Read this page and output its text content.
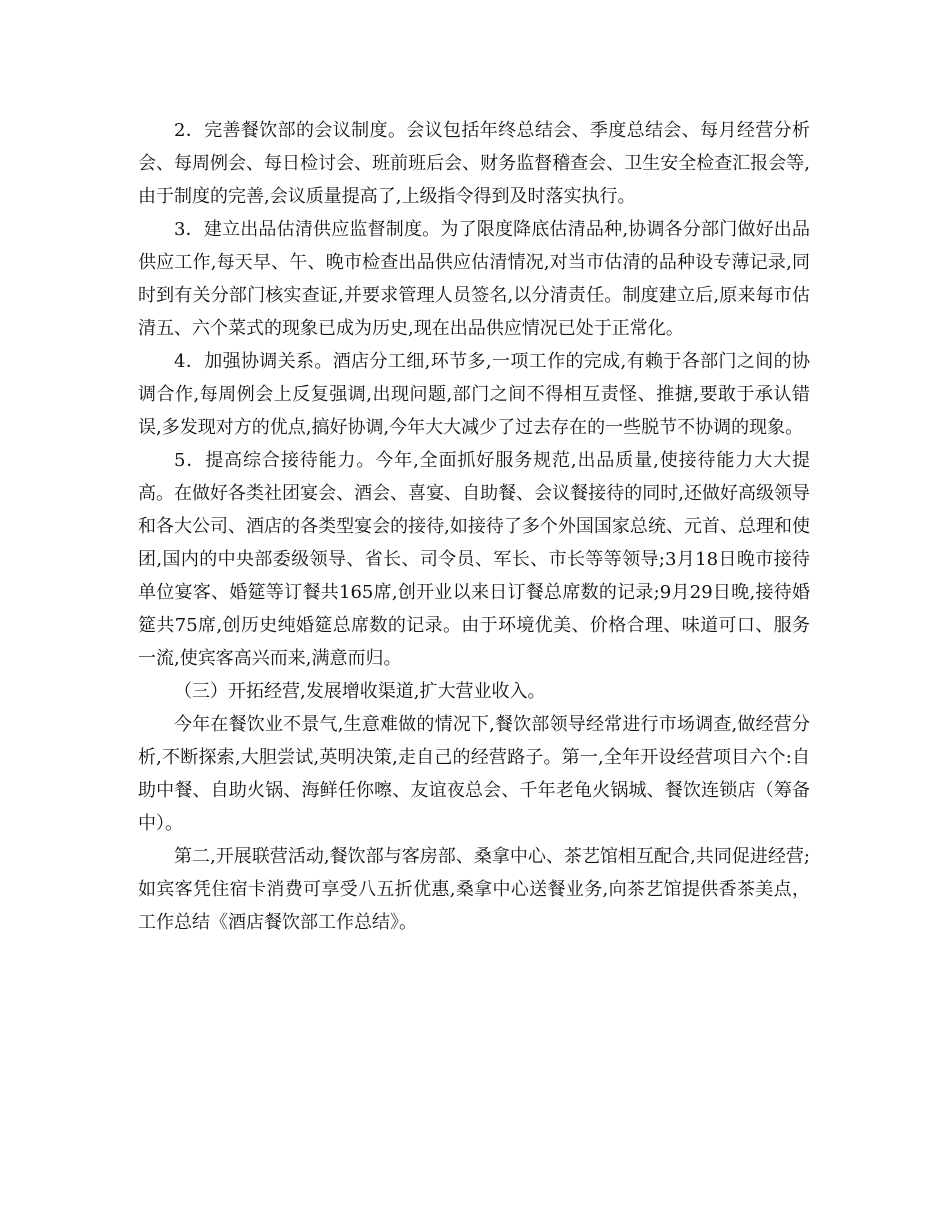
2．完善餐饮部的会议制度。会议包括年终总结会、季度总结会、每月经营分析会、每周例会、每日检讨会、班前班后会、财务监督稽查会、卫生安全检查汇报会等,由于制度的完善,会议质量提高了,上级指令得到及时落实执行。

3．建立出品估清供应监督制度。为了限度降底估清品种,协调各分部门做好出品供应工作,每天早、午、晚市检查出品供应估清情况,对当市估清的品种设专薄记录,同时到有关分部门核实查证,并要求管理人员签名,以分清责任。制度建立后,原来每市估清五、六个菜式的现象已成为历史,现在出品供应情况已处于正常化。

4．加强协调关系。酒店分工细,环节多,一项工作的完成,有赖于各部门之间的协调合作,每周例会上反复强调,出现问题,部门之间不得相互责怪、推搪,要敢于承认错误,多发现对方的优点,搞好协调,今年大大减少了过去存在的一些脱节不协调的现象。

5．提高综合接待能力。今年,全面抓好服务规范,出品质量,使接待能力大大提高。在做好各类社团宴会、酒会、喜宴、自助餐、会议餐接待的同时,还做好高级领导和各大公司、酒店的各类型宴会的接待,如接待了多个外国国家总统、元首、总理和使团,国内的中央部委级领导、省长、司令员、军长、市长等等领导;3月18日晚市接待单位宴客、婚筵等订餐共165席,创开业以来日订餐总席数的记录;9月29日晚,接待婚筵共75席,创历史纯婚筵总席数的记录。由于环境优美、价格合理、味道可口、服务一流,使宾客高兴而来,满意而归。

（三）开拓经营,发展增收渠道,扩大营业收入。

今年在餐饮业不景气,生意难做的情况下,餐饮部领导经常进行市场调查,做经营分析,不断探索,大胆尝试,英明决策,走自己的经营路子。第一,全年开设经营项目六个:自助中餐、自助火锅、海鲜任你嚓、友谊夜总会、千年老龟火锅城、餐饮连锁店（筹备中）。

第二,开展联营活动,餐饮部与客房部、桑拿中心、茶艺馆相互配合,共同促进经营;如宾客凭住宿卡消费可享受八五折优惠,桑拿中心送餐业务,向茶艺馆提供香茶美点，工作总结《酒店餐饮部工作总结》。
